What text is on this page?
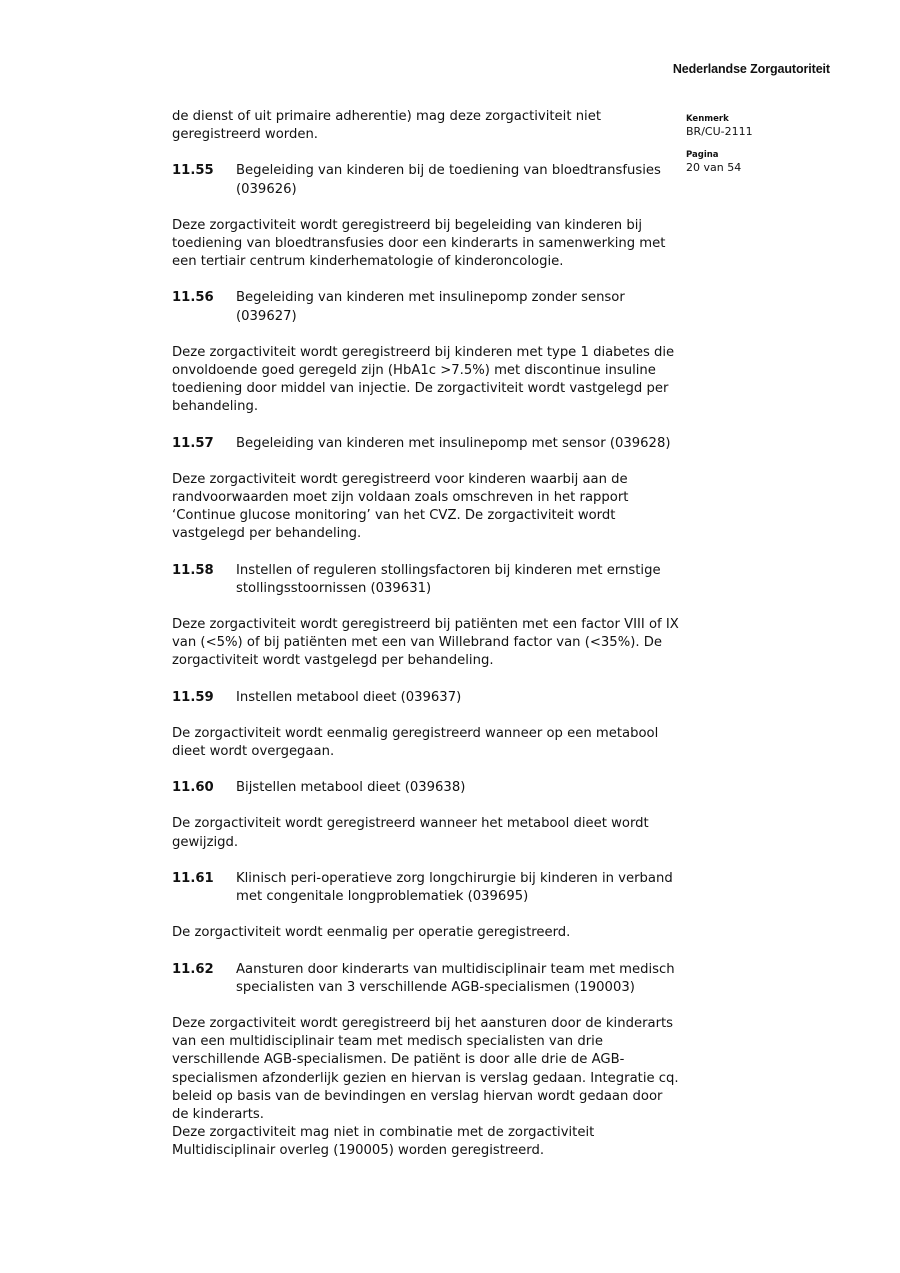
Nederlandse Zorgautoriteit
Kenmerk
BR/CU-2111
Pagina
20 van 54

de dienst of uit primaire adherentie) mag deze zorgactiviteit niet geregistreerd worden.

11.55	Begeleiding van kinderen bij de toediening van bloedtransfusies (039626)

Deze zorgactiviteit wordt geregistreerd bij begeleiding van kinderen bij toediening van bloedtransfusies door een kinderarts in samenwerking met een tertiair centrum kinderhematologie of kinderoncologie.

11.56	Begeleiding van kinderen met insulinepomp zonder sensor (039627)

Deze zorgactiviteit wordt geregistreerd bij kinderen met type 1 diabetes die onvoldoende goed geregeld zijn (HbA1c >7.5%) met discontinue insuline toediening door middel van injectie. De zorgactiviteit wordt vastgelegd per behandeling.

11.57	Begeleiding van kinderen met insulinepomp met sensor (039628)

Deze zorgactiviteit wordt geregistreerd voor kinderen waarbij aan de randvoorwaarden moet zijn voldaan zoals omschreven in het rapport ‘Continue glucose monitoring’ van het CVZ. De zorgactiviteit wordt vastgelegd per behandeling.

11.58	Instellen of reguleren stollingsfactoren bij kinderen met ernstige stollingsstoornissen (039631)

Deze zorgactiviteit wordt geregistreerd bij patiënten met een factor VIII of IX van (<5%) of bij patiënten met een van Willebrand factor van (<35%). De zorgactiviteit wordt vastgelegd per behandeling.

11.59	Instellen metabool dieet (039637)

De zorgactiviteit wordt eenmalig geregistreerd wanneer op een metabool dieet wordt overgegaan.

11.60	Bijstellen metabool dieet (039638)

De zorgactiviteit wordt geregistreerd wanneer het metabool dieet wordt gewijzigd.

11.61	Klinisch peri-operatieve zorg longchirurgie bij kinderen in verband met congenitale longproblematiek (039695)

De zorgactiviteit wordt eenmalig per operatie geregistreerd.

11.62	Aansturen door kinderarts van multidisciplinair team met medisch specialisten van 3 verschillende AGB-specialismen (190003)

Deze zorgactiviteit wordt geregistreerd bij het aansturen door de kinderarts van een multidisciplinair team met medisch specialisten van drie verschillende AGB-specialismen. De patiënt is door alle drie de AGB-specialismen afzonderlijk gezien en hiervan is verslag gedaan. Integratie cq. beleid op basis van de bevindingen en verslag hiervan wordt gedaan door de kinderarts.

Deze zorgactiviteit mag niet in combinatie met de zorgactiviteit Multidisciplinair overleg (190005) worden geregistreerd.
